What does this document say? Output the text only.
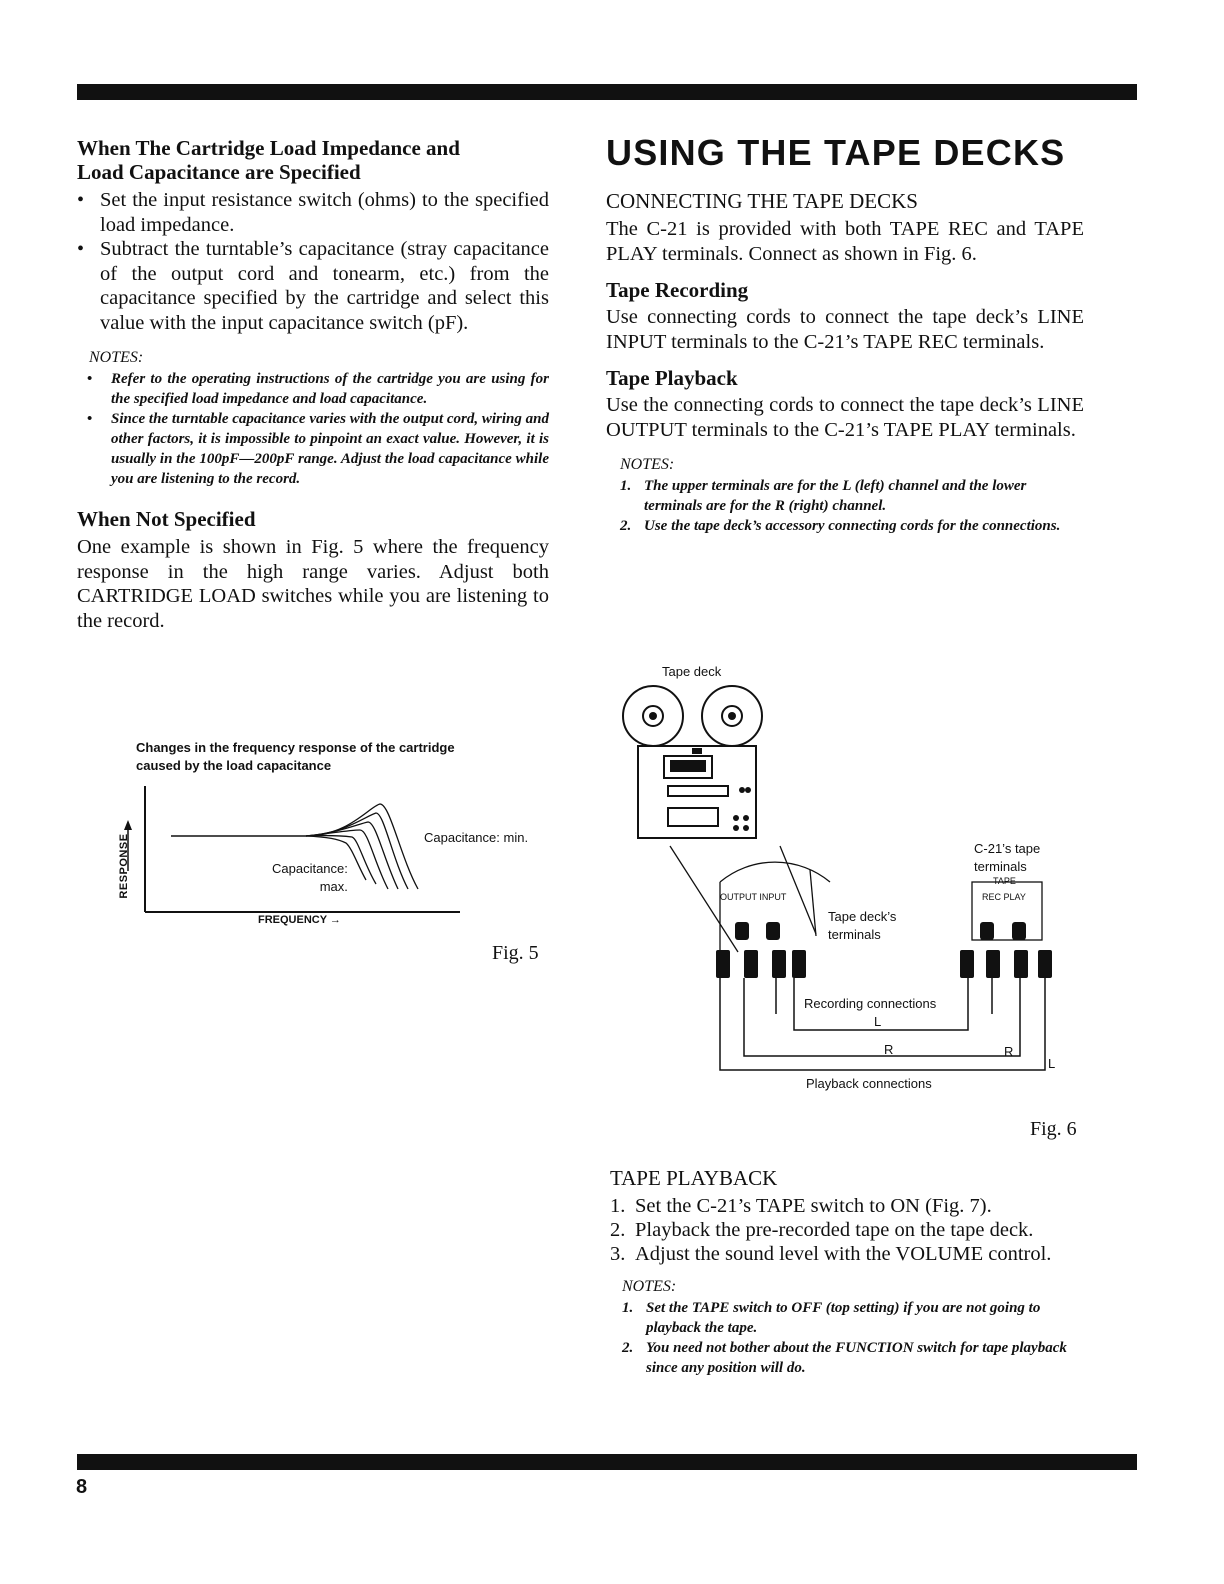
When The Cartridge Load Impedance and
Load Capacitance are Specified

• Set the input resistance switch (ohms) to the specified load impedance.
• Subtract the turntable’s capacitance (stray capacitance of the output cord and tonearm, etc.) from the capacitance specified by the cartridge and select this value with the input capacitance switch (pF).

NOTES:

• Refer to the operating instructions of the cartridge you are using for the specified load impedance and load capacitance.
• Since the turntable capacitance varies with the output cord, wiring and other factors, it is impossible to pinpoint an exact value. However, it is usually in the 100pF—200pF range. Adjust the load capacitance while you are listening to the record.

When Not Specified

One example is shown in Fig. 5 where the frequency response in the high range varies. Adjust both CARTRIDGE LOAD switches while you are listening to the record.

Changes in the frequency response of the cartridge
caused by the load capacitance
RESPONSE
FREQUENCY →
Capacitance: min.
Capacitance:
max.
Fig. 5
USING THE TAPE DECKS

CONNECTING THE TAPE DECKS

The C-21 is provided with both TAPE REC and TAPE PLAY terminals. Connect as shown in Fig. 6.

Tape Recording

Use connecting cords to connect the tape deck’s LINE INPUT terminals to the C-21’s TAPE REC terminals.

Tape Playback

Use the connecting cords to connect the tape deck’s LINE OUTPUT terminals to the C-21’s TAPE PLAY terminals.

NOTES:

1. The upper terminals are for the L (left) channel and the lower terminals are for the R (right) channel.
2. Use the tape deck’s accessory connecting cords for the connections.
Tape deck
C-21’s tape
terminals
TAPE
REC PLAY
OUTPUT INPUT
Tape deck’s
terminals
Recording connections
L
R	R
L
Playback connections
Fig. 6

TAPE PLAYBACK

1. Set the C-21’s TAPE switch to ON (Fig. 7).
2. Playback the pre-recorded tape on the tape deck.
3. Adjust the sound level with the VOLUME control.

NOTES:

1. Set the TAPE switch to OFF (top setting) if you are not going to playback the tape.
2. You need not bother about the FUNCTION switch for tape playback since any position will do.
8
